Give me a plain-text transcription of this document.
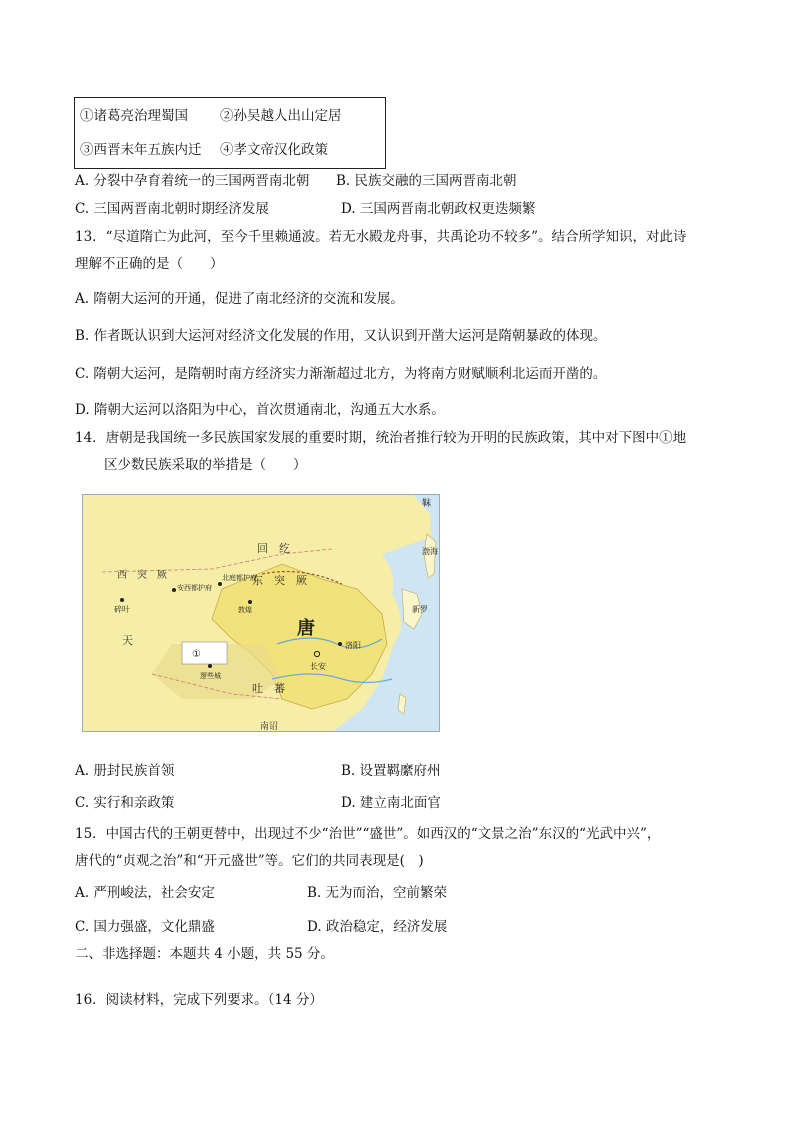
①诸葛亮治理蜀国 ②孙吴越人出山定居
③西晋末年五族内迁 ④孝文帝汉化政策
A. 分裂中孕育着统一的三国两晋南北朝 B. 民族交融的三国两晋南北朝
C. 三国两晋南北朝时期经济发展	D. 三国两晋南北朝政权更迭频繁
13．“尽道隋亡为此河，至今千里赖通波。若无水殿龙舟事，共禹论功不较多”。结合所学知识，对此诗
理解不正确的是（　　）
A. 隋朝大运河的开通，促进了南北经济的交流和发展。
B. 作者既认识到大运河对经济文化发展的作用，又认识到开凿大运河是隋朝暴政的体现。
C. 隋朝大运河，是隋朝时南方经济实力渐渐超过北方，为将南方财赋顺利北运而开凿的。
D. 隋朝大运河以洛阳为中心，首次贯通南北，沟通五大水系。
14．唐朝是我国统一多民族国家发展的重要时期，统治者推行较为开明的民族政策，其中对下图中①地
区少数民族采取的举措是（　　）
唐
西　突　厥	东　突　厥
回　纥
吐　蕃
南诏
天
①
长安
洛阳
碎叶
安西都护府
北庭都护府
敦煌
逻些城
新罗
渤海
靺
A. 册封民族首领	B. 设置羁縻府州
C. 实行和亲政策	D. 建立南北面官
15．中国古代的王朝更替中，出现过不少“治世”“盛世”。如西汉的“文景之治”东汉的“光武中兴”，
唐代的“贞观之治”和“开元盛世”等。它们的共同表现是(　)
A. 严刑峻法，社会安定	B. 无为而治，空前繁荣
C. 国力强盛，文化鼎盛	D. 政治稳定，经济发展
二、非选择题：本题共 4 小题，共 55 分。
16．阅读材料，完成下列要求。（14 分）
